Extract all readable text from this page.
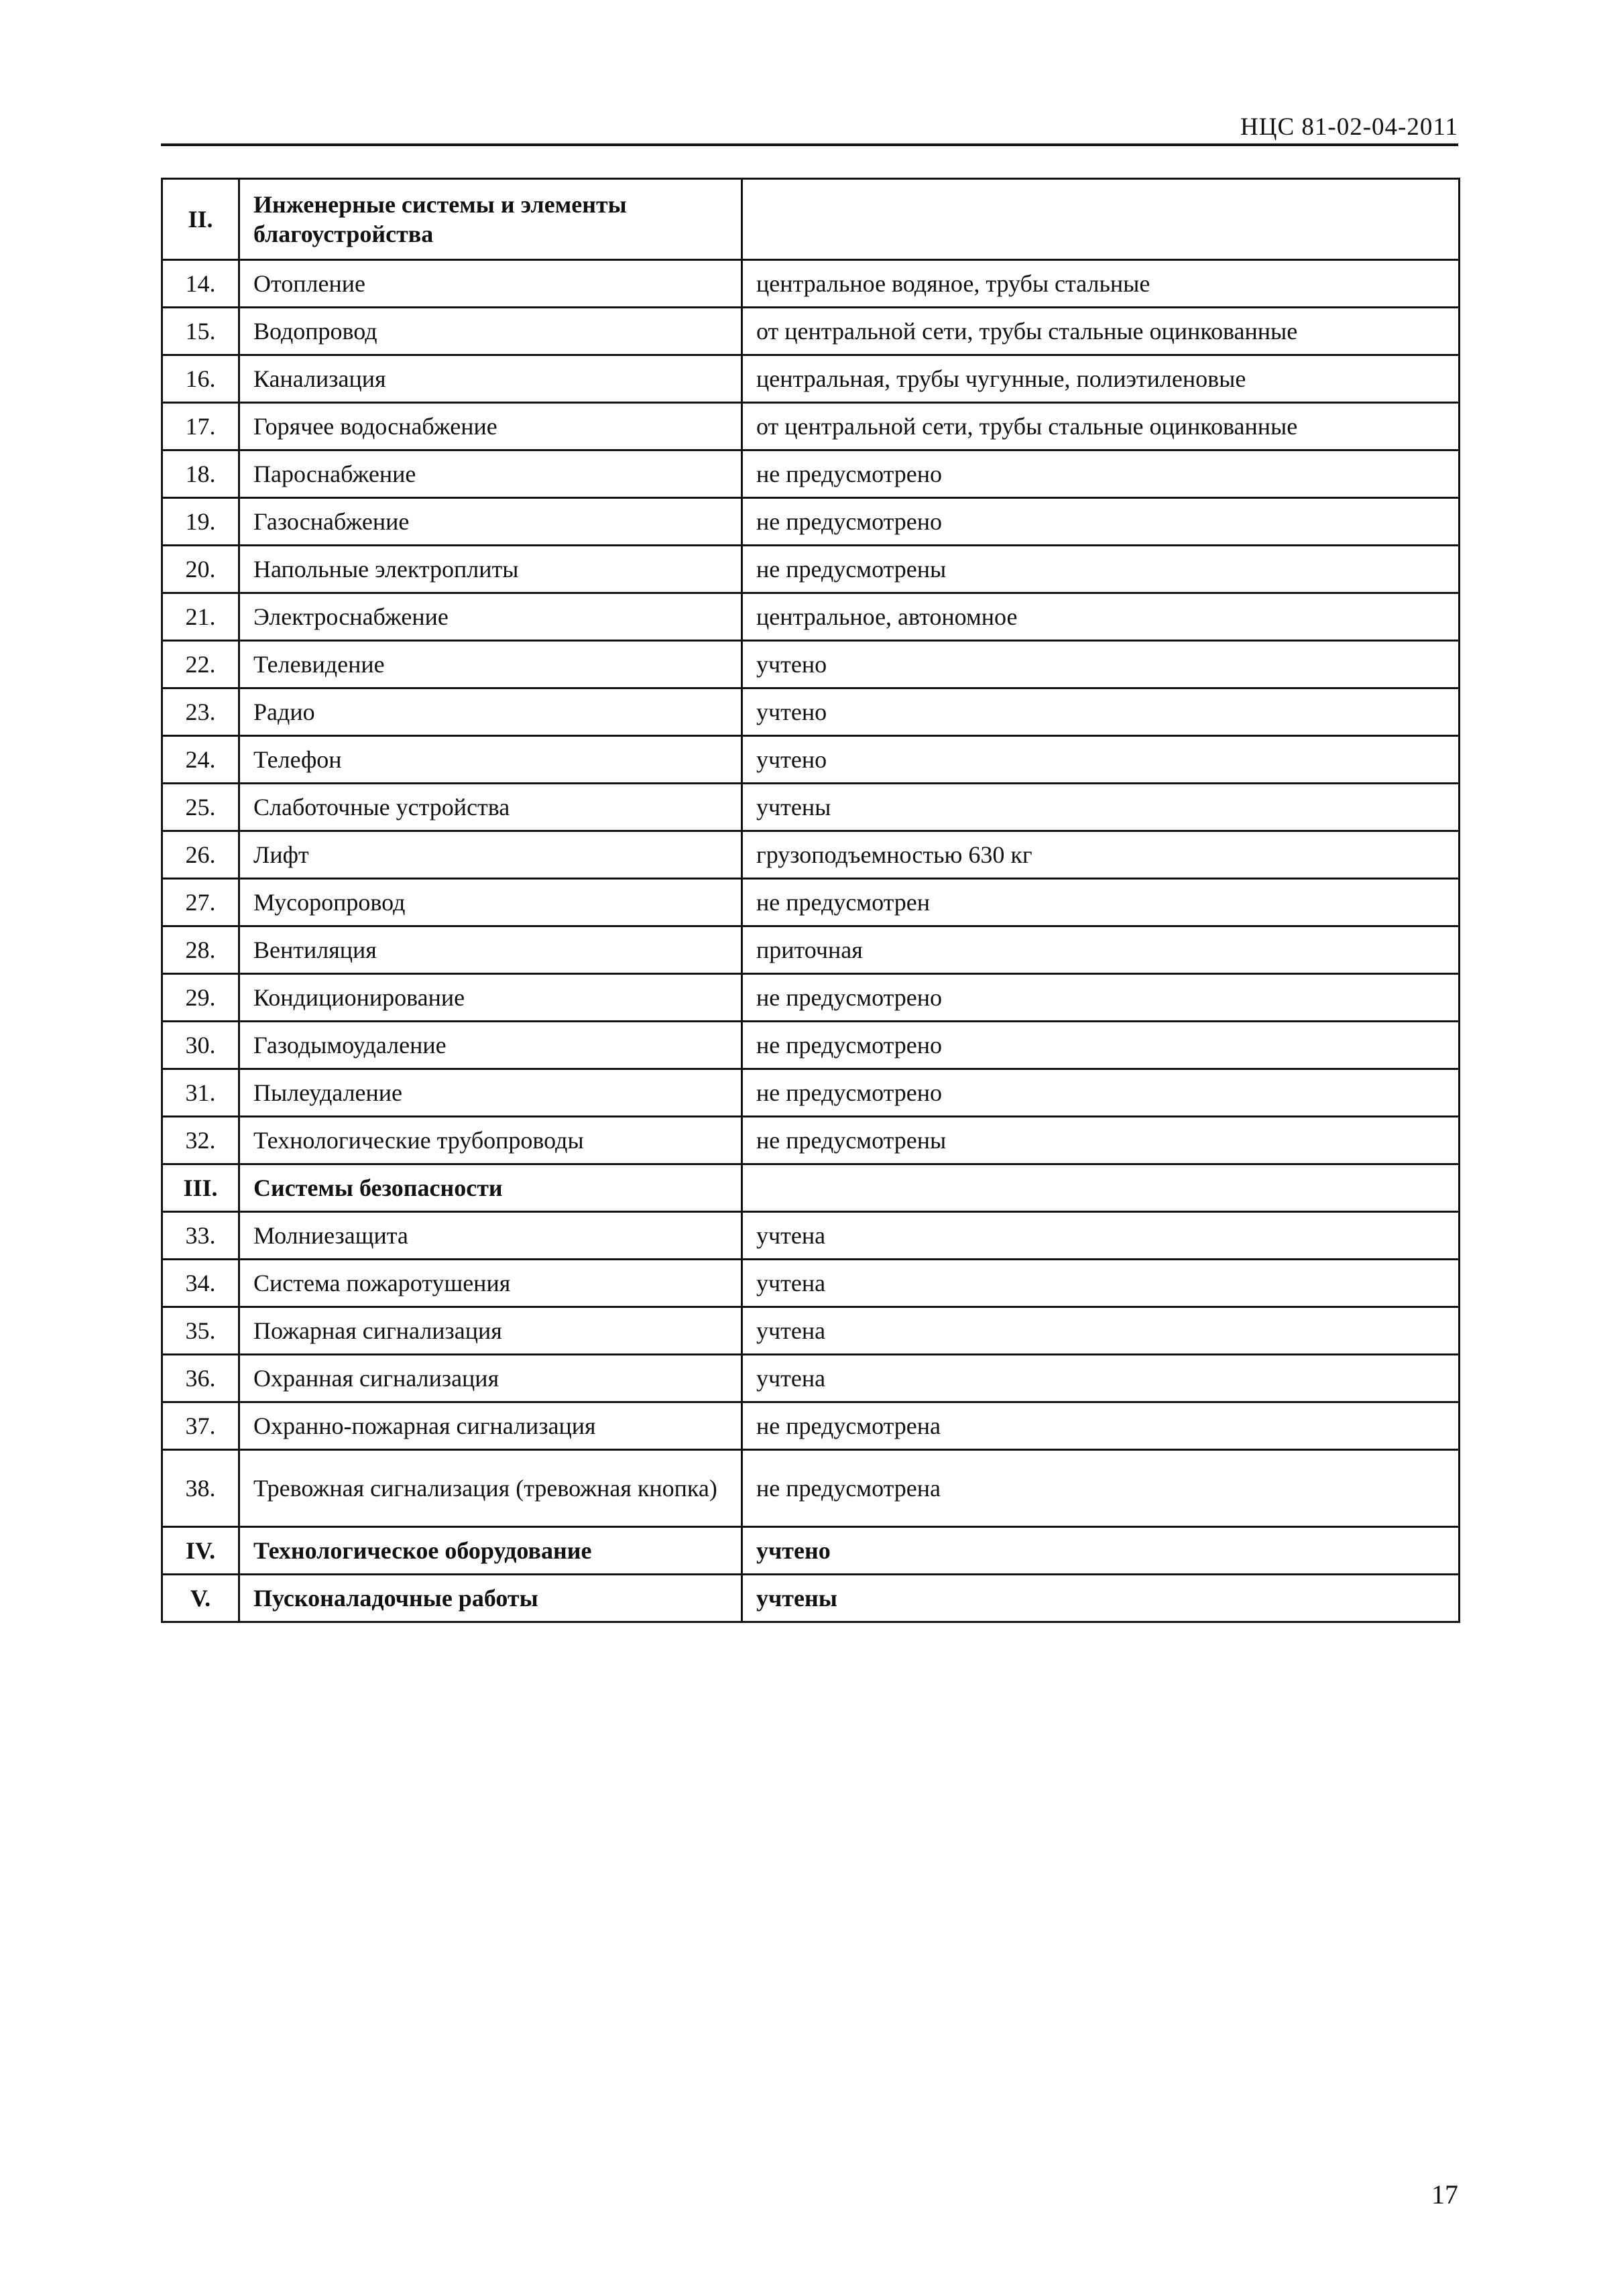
НЦС 81-02-04-2011
II.	Инженерные системы и элементы благоустройства	
14.	Отопление	центральное водяное, трубы стальные
15.	Водопровод	от центральной сети, трубы стальные оцинкованные
16.	Канализация	центральная, трубы чугунные, полиэтиленовые
17.	Горячее водоснабжение	от центральной сети, трубы стальные оцинкованные
18.	Пароснабжение	не предусмотрено
19.	Газоснабжение	не предусмотрено
20.	Напольные электроплиты	не предусмотрены
21.	Электроснабжение	центральное, автономное
22.	Телевидение	учтено
23.	Радио	учтено
24.	Телефон	учтено
25.	Слаботочные устройства	учтены
26.	Лифт	грузоподъемностью 630 кг
27.	Мусоропровод	не предусмотрен
28.	Вентиляция	приточная
29.	Кондиционирование	не предусмотрено
30.	Газодымоудаление	не предусмотрено
31.	Пылеудаление	не предусмотрено
32.	Технологические трубопроводы	не предусмотрены
III.	Системы безопасности	
33.	Молниезащита	учтена
34.	Система пожаротушения	учтена
35.	Пожарная сигнализация	учтена
36.	Охранная сигнализация	учтена
37.	Охранно-пожарная сигнализация	не предусмотрена
38.	Тревожная сигнализация (тревожная кнопка)	не предусмотрена
IV.	Технологическое оборудование	учтено
V.	Пусконаладочные работы	учтены
17
